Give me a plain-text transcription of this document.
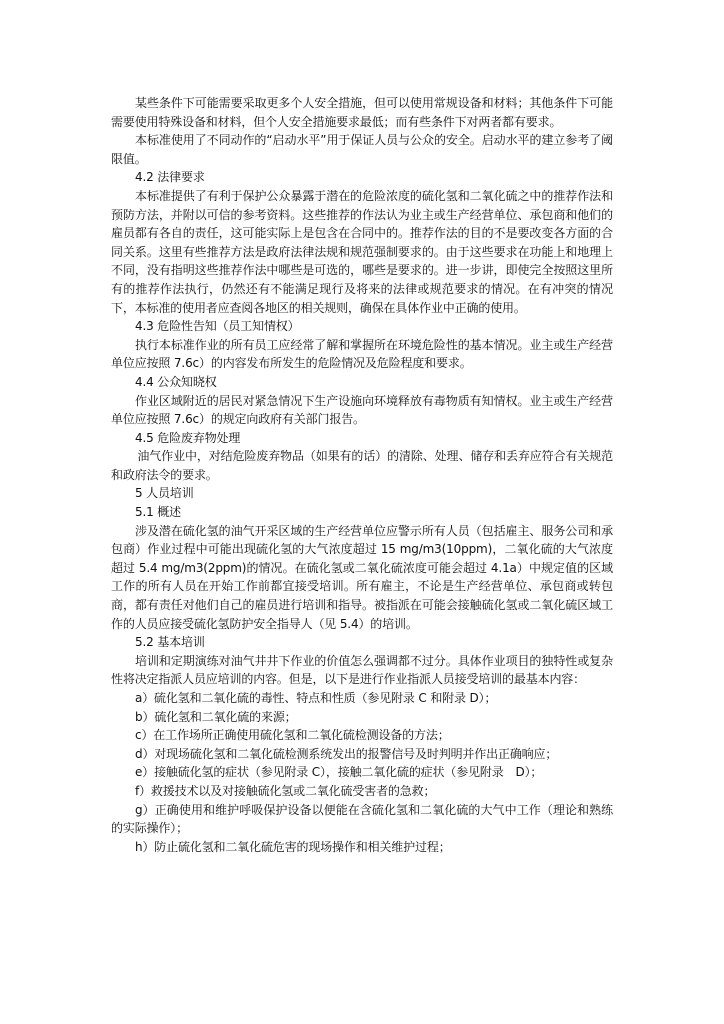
某些条件下可能需要采取更多个人安全措施，但可以使用常规设备和材料；其他条件下可能需要使用特殊设备和材料，但个人安全措施要求最低；而有些条件下对两者都有要求。

本标准使用了不同动作的“启动水平”用于保证人员与公众的安全。启动水平的建立参考了阈限值。

4.2 法律要求

本标准提供了有利于保护公众暴露于潜在的危险浓度的硫化氢和二氧化硫之中的推荐作法和预防方法，并附以可信的参考资料。这些推荐的作法认为业主或生产经营单位、承包商和他们的雇员都有各自的责任，这可能实际上是包含在合同中的。推荐作法的目的不是要改变各方面的合同关系。这里有些推荐方法是政府法律法规和规范强制要求的。由于这些要求在功能上和地理上不同，没有指明这些推荐作法中哪些是可选的，哪些是要求的。进一步讲，即使完全按照这里所有的推荐作法执行，仍然还有不能满足现行及将来的法律或规范要求的情况。在有冲突的情况下，本标准的使用者应查阅各地区的相关规则，确保在具体作业中正确的使用。

4.3 危险性告知（员工知情权）

执行本标准作业的所有员工应经常了解和掌握所在环境危险性的基本情况。业主或生产经营单位应按照 7.6c）的内容发布所发生的危险情况及危险程度和要求。

4.4 公众知晓权

作业区域附近的居民对紧急情况下生产设施向环境释放有毒物质有知情权。业主或生产经营单位应按照 7.6c）的规定向政府有关部门报告。

4.5 危险废弃物处理

油气作业中，对结危险废弃物品（如果有的话）的清除、处理、储存和丢弃应符合有关规范和政府法令的要求。

5 人员培训

5.1 概述

涉及潜在硫化氢的油气开采区域的生产经营单位应警示所有人员（包括雇主、服务公司和承包商）作业过程中可能出现硫化氢的大气浓度超过 15 mg/m3(10ppm)，二氧化硫的大气浓度超过 5.4 mg/m3(2ppm)的情况。在硫化氢或二氧化硫浓度可能会超过 4.1a）中规定值的区域工作的所有人员在开始工作前都宜接受培训。所有雇主，不论是生产经营单位、承包商或转包商，都有责任对他们自己的雇员进行培训和指导。被指派在可能会接触硫化氢或二氧化硫区域工作的人员应接受硫化氢防护安全指导人（见 5.4）的培训。

5.2 基本培训

培训和定期演练对油气井井下作业的价值怎么强调都不过分。具体作业项目的独特性或复杂性将决定指派人员应培训的内容。但是，以下是进行作业指派人员接受培训的最基本内容：

a）硫化氢和二氧化硫的毒性、特点和性质（参见附录 C 和附录 D）；

b）硫化氢和二氧化硫的来源；

c）在工作场所正确使用硫化氢和二氧化硫检测设备的方法；

d）对现场硫化氢和二氧化硫检测系统发出的报警信号及时判明并作出正确响应；

e）接触硫化氢的症状（参见附录 C），接触二氧化硫的症状（参见附录　D）；

f）救援技术以及对接触硫化氢或二氧化硫受害者的急救；

g）正确使用和维护呼吸保护设备以便能在含硫化氢和二氧化硫的大气中工作（理论和熟练的实际操作）；

h）防止硫化氢和二氧化硫危害的现场操作和相关维护过程；
